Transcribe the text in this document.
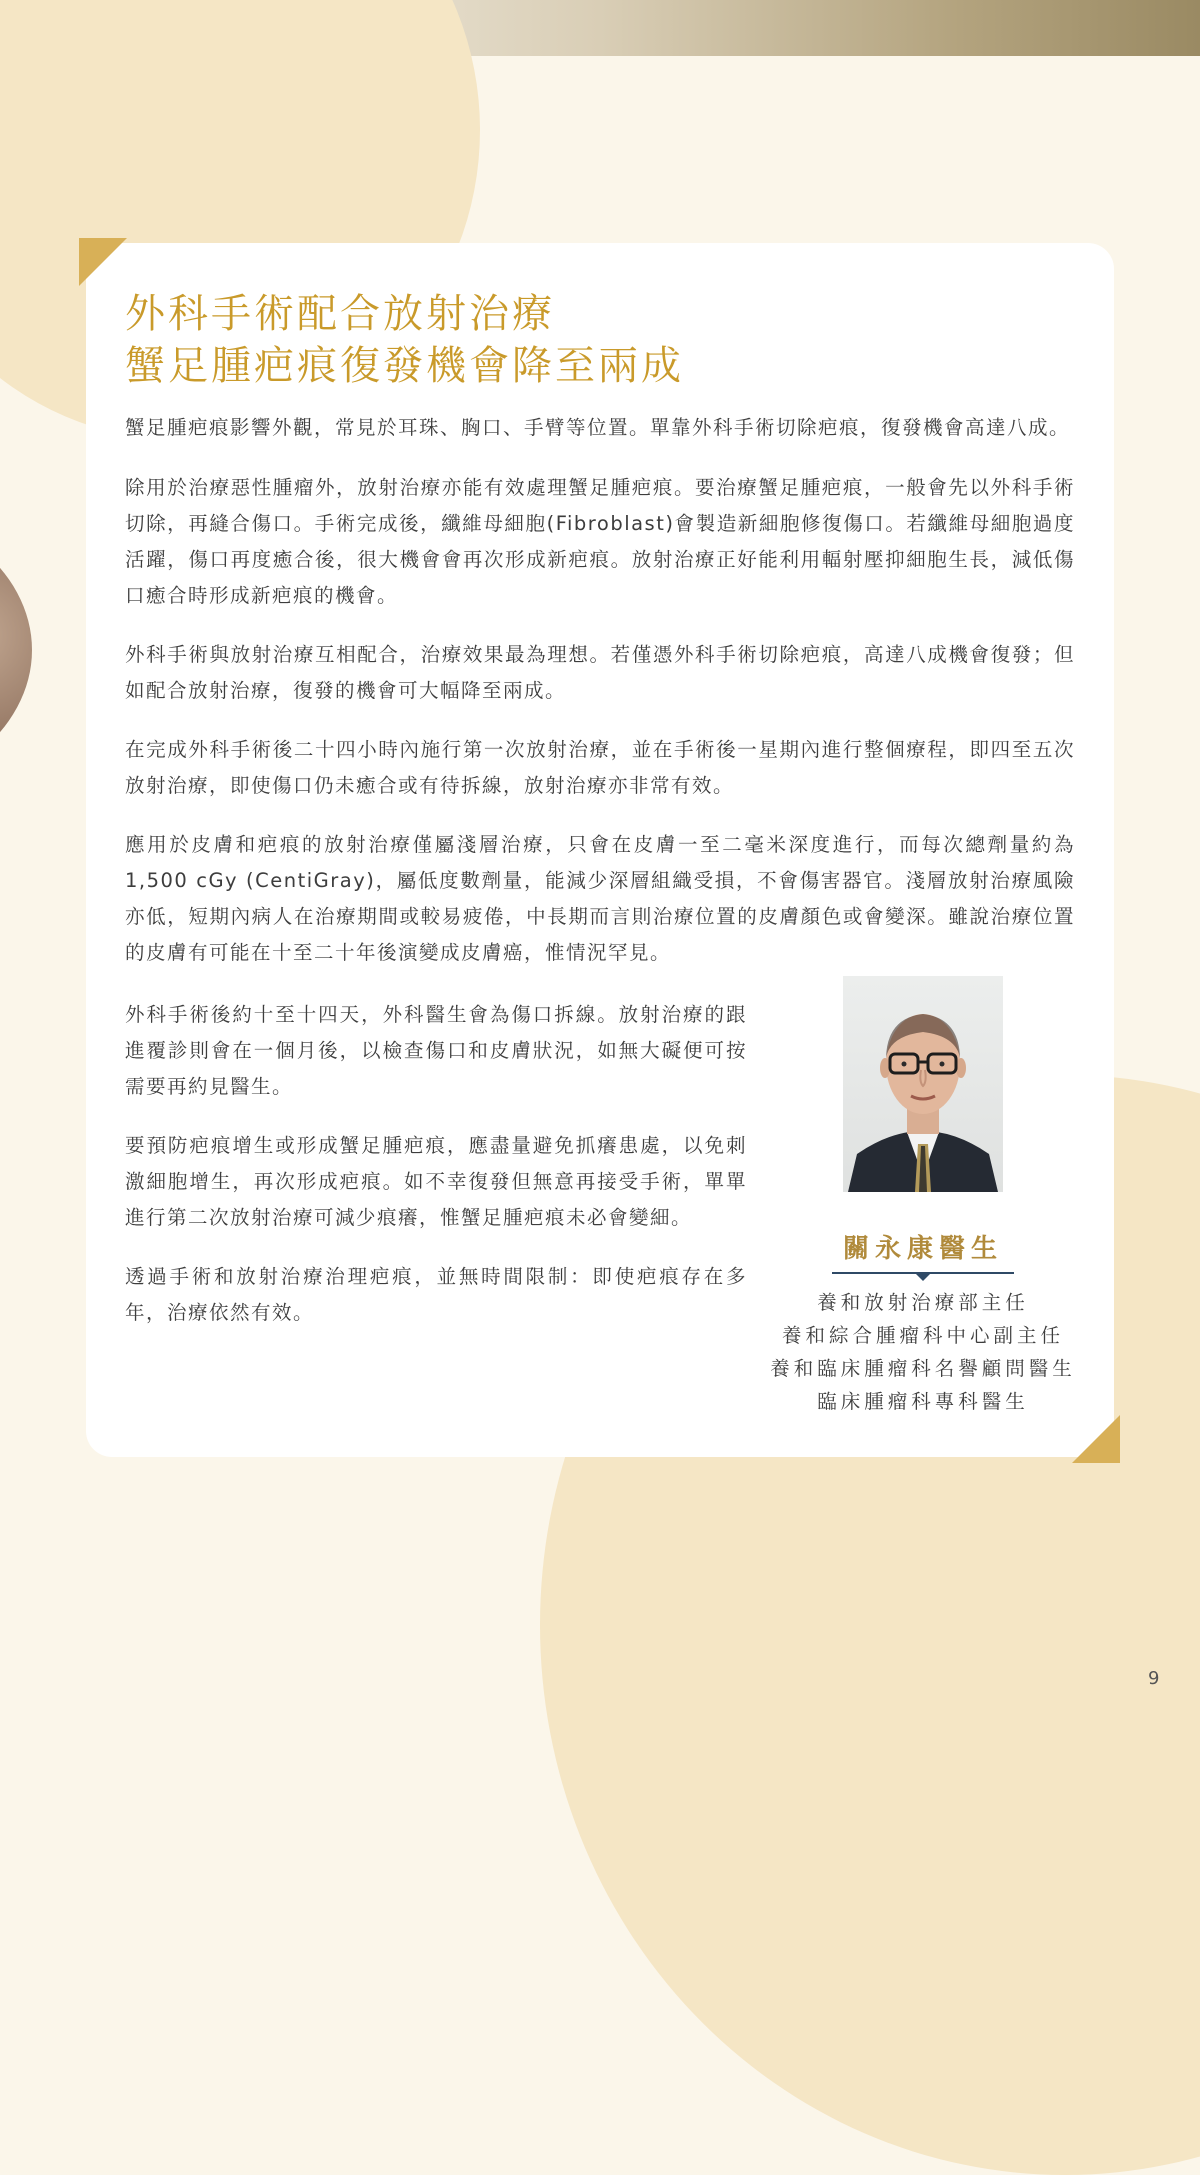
外科手術配合放射治療
蟹足腫疤痕復發機會降至兩成

蟹足腫疤痕影響外觀，常見於耳珠、胸口、手臂等位置。單靠外科手術切除疤痕，復發機會高達八成。

除用於治療惡性腫瘤外，放射治療亦能有效處理蟹足腫疤痕。要治療蟹足腫疤痕，一般會先以外科手術切除，再縫合傷口。手術完成後，纖維母細胞(Fibroblast)會製造新細胞修復傷口。若纖維母細胞過度活躍，傷口再度癒合後，很大機會會再次形成新疤痕。放射治療正好能利用輻射壓抑細胞生長，減低傷口癒合時形成新疤痕的機會。

外科手術與放射治療互相配合，治療效果最為理想。若僅憑外科手術切除疤痕，高達八成機會復發；但如配合放射治療，復發的機會可大幅降至兩成。

在完成外科手術後二十四小時內施行第一次放射治療，並在手術後一星期內進行整個療程，即四至五次放射治療，即使傷口仍未癒合或有待拆線，放射治療亦非常有效。

應用於皮膚和疤痕的放射治療僅屬淺層治療，只會在皮膚一至二毫米深度進行，而每次總劑量約為1,500 cGy (CentiGray)，屬低度數劑量，能減少深層組織受損，不會傷害器官。淺層放射治療風險亦低，短期內病人在治療期間或較易疲倦，中長期而言則治療位置的皮膚顏色或會變深。雖說治療位置的皮膚有可能在十至二十年後演變成皮膚癌，惟情況罕見。

外科手術後約十至十四天，外科醫生會為傷口拆線。放射治療的跟進覆診則會在一個月後，以檢查傷口和皮膚狀況，如無大礙便可按需要再約見醫生。

要預防疤痕增生或形成蟹足腫疤痕，應盡量避免抓癢患處，以免刺激細胞增生，再次形成疤痕。如不幸復發但無意再接受手術，單單進行第二次放射治療可減少痕癢，惟蟹足腫疤痕未必會變細。

透過手術和放射治療治理疤痕，並無時間限制：即使疤痕存在多年，治療依然有效。

關永康醫生

養和放射治療部主任
養和綜合腫瘤科中心副主任
養和臨床腫瘤科名譽顧問醫生
臨床腫瘤科專科醫生

9
